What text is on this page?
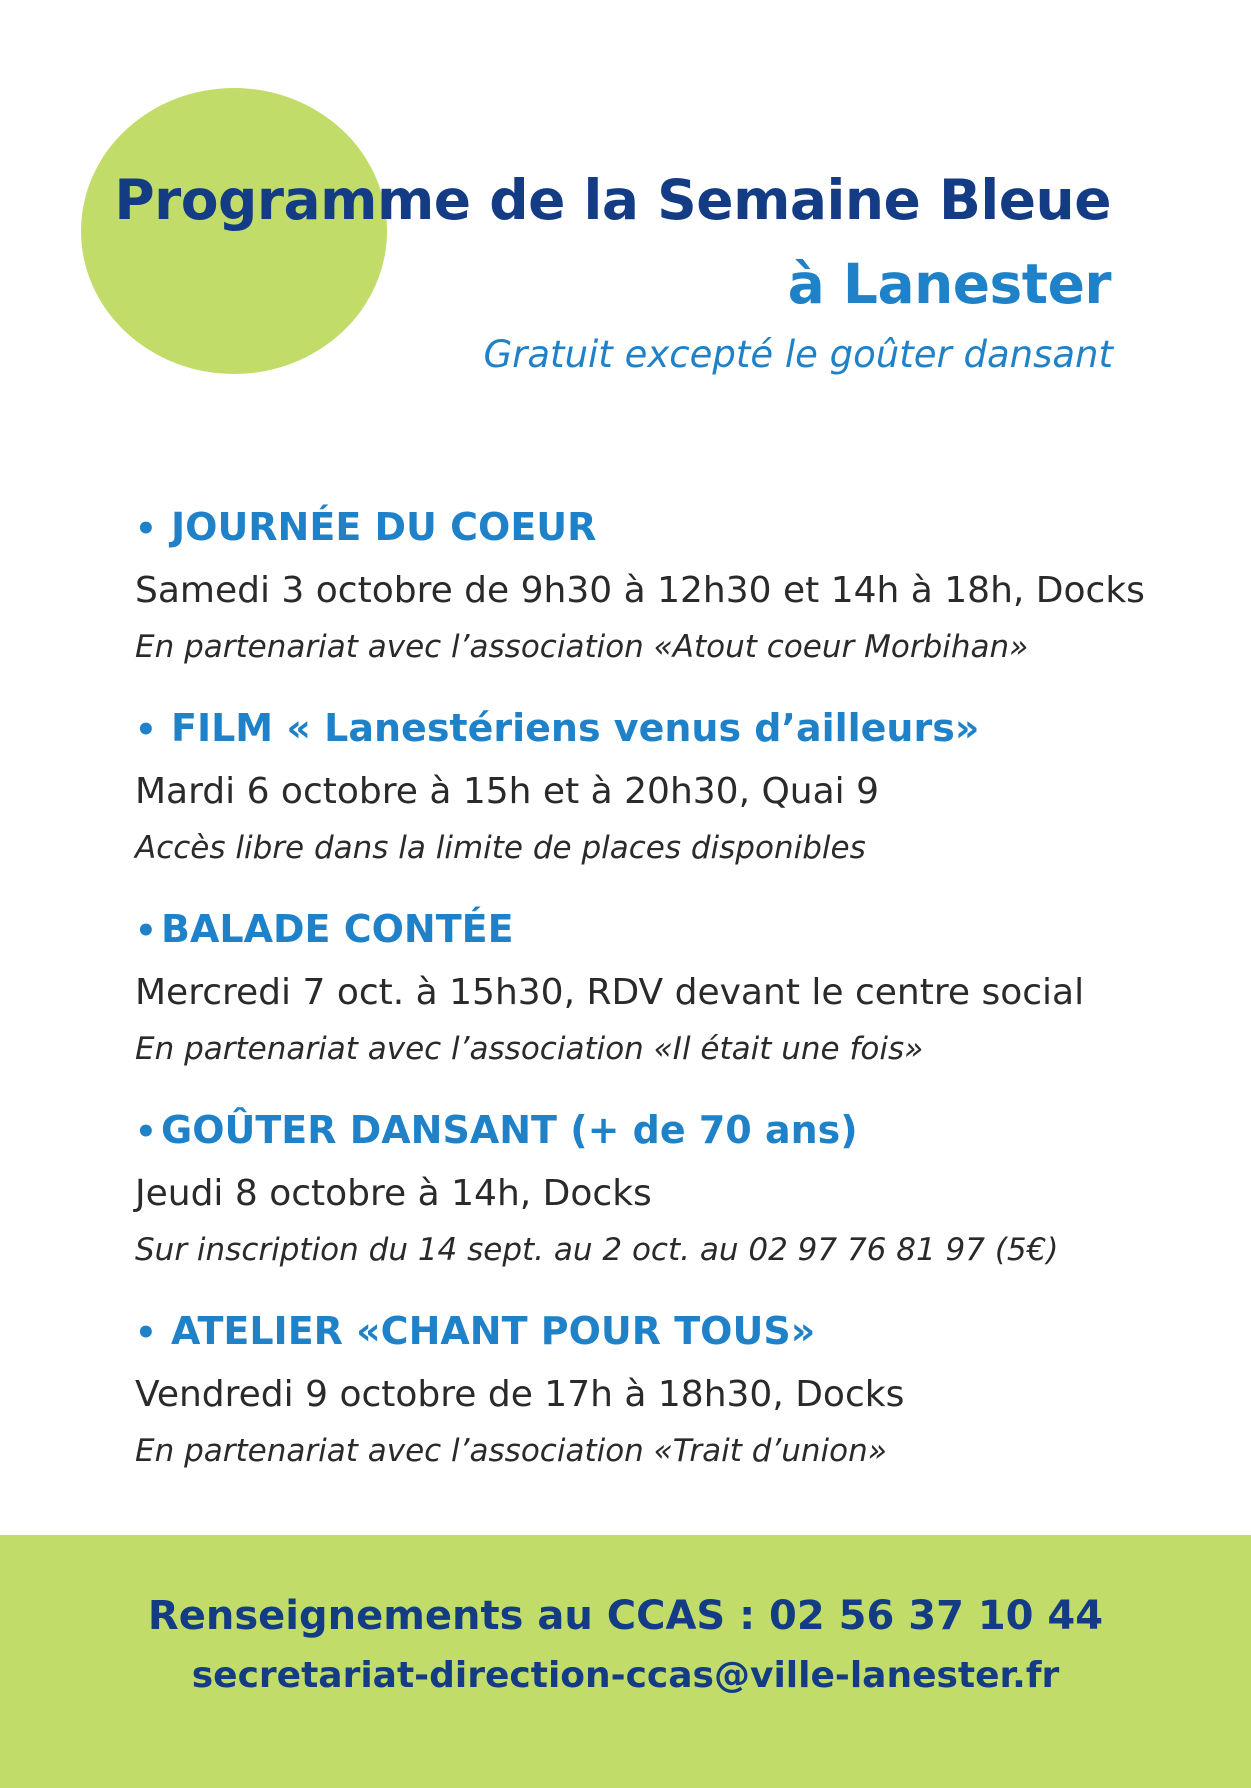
Programme de la Semaine Bleue
à Lanester
Gratuit excepté le goûter dansant
• JOURNÉE DU COEUR
Samedi 3 octobre de 9h30 à 12h30 et 14h à 18h, Docks
En partenariat avec l’association «Atout coeur Morbihan»
• FILM « Lanestériens venus d’ailleurs»
Mardi 6 octobre à 15h et à 20h30, Quai 9
Accès libre dans la limite de places disponibles
• BALADE CONTÉE
Mercredi 7 oct. à 15h30, RDV devant le centre social
En partenariat avec l’association «Il était une fois»
• GOÛTER DANSANT (+ de 70 ans)
Jeudi 8 octobre à 14h, Docks
Sur inscription du 14 sept. au 2 oct. au 02 97 76 81 97 (5€)
• ATELIER «CHANT POUR TOUS»
Vendredi 9 octobre de 17h à 18h30, Docks
En partenariat avec l’association «Trait d’union»
Renseignements au CCAS : 02 56 37 10 44
secretariat-direction-ccas@ville-lanester.fr
